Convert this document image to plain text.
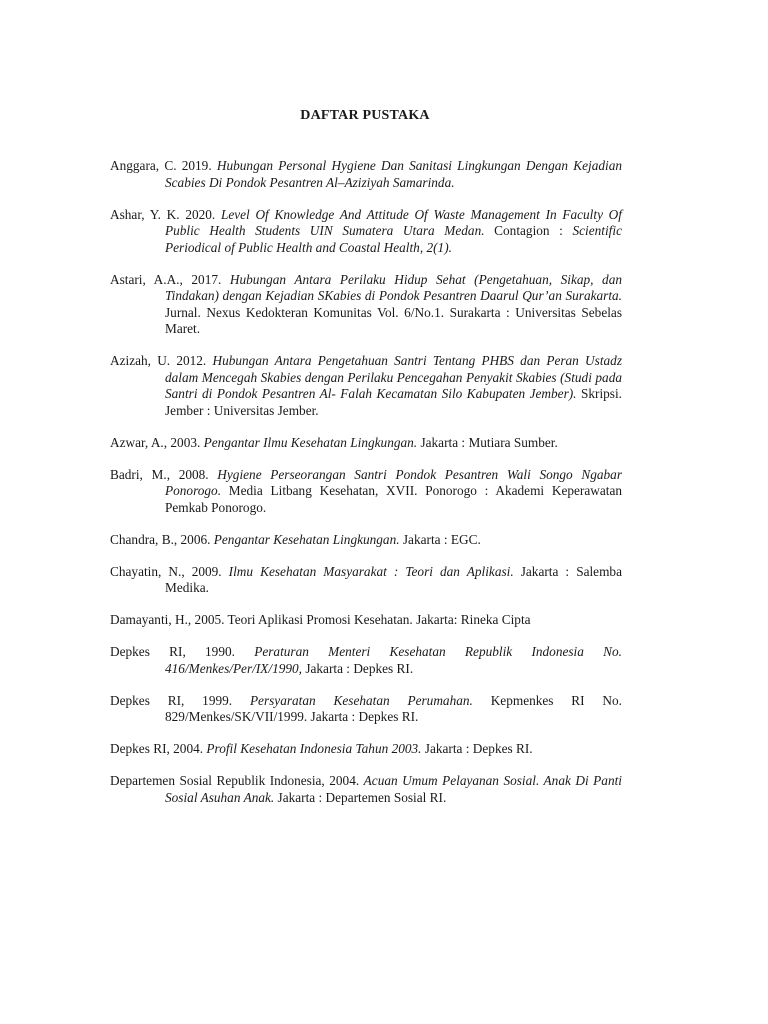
DAFTAR PUSTAKA

Anggara, C. 2019. Hubungan Personal Hygiene Dan Sanitasi Lingkungan Dengan Kejadian Scabies Di Pondok Pesantren Al–Aziziyah Samarinda.

Ashar, Y. K. 2020. Level Of Knowledge And Attitude Of Waste Management In Faculty Of Public Health Students UIN Sumatera Utara Medan. Contagion : Scientific Periodical of Public Health and Coastal Health, 2(1).

Astari, A.A., 2017. Hubungan Antara Perilaku Hidup Sehat (Pengetahuan, Sikap, dan Tindakan) dengan Kejadian SKabies di Pondok Pesantren Daarul Qur’an Surakarta. Jurnal. Nexus Kedokteran Komunitas Vol. 6/No.1. Surakarta : Universitas Sebelas Maret.

Azizah, U. 2012. Hubungan Antara Pengetahuan Santri Tentang PHBS dan Peran Ustadz dalam Mencegah Skabies dengan Perilaku Pencegahan Penyakit Skabies (Studi pada Santri di Pondok Pesantren Al- Falah Kecamatan Silo Kabupaten Jember). Skripsi. Jember : Universitas Jember.

Azwar, A., 2003. Pengantar Ilmu Kesehatan Lingkungan. Jakarta : Mutiara Sumber.

Badri, M., 2008. Hygiene Perseorangan Santri Pondok Pesantren Wali Songo Ngabar Ponorogo. Media Litbang Kesehatan, XVII. Ponorogo : Akademi Keperawatan Pemkab Ponorogo.

Chandra, B., 2006. Pengantar Kesehatan Lingkungan. Jakarta : EGC.

Chayatin, N., 2009. Ilmu Kesehatan Masyarakat : Teori dan Aplikasi. Jakarta : Salemba Medika.

Damayanti, H., 2005. Teori Aplikasi Promosi Kesehatan. Jakarta: Rineka Cipta

Depkes RI, 1990. Peraturan Menteri Kesehatan Republik Indonesia No. 416/Menkes/Per/IX/1990, Jakarta : Depkes RI.

Depkes RI, 1999. Persyaratan Kesehatan Perumahan. Kepmenkes RI No. 829/Menkes/SK/VII/1999. Jakarta : Depkes RI.

Depkes RI, 2004. Profil Kesehatan Indonesia Tahun 2003. Jakarta : Depkes RI.

Departemen Sosial Republik Indonesia, 2004. Acuan Umum Pelayanan Sosial. Anak Di Panti Sosial Asuhan Anak. Jakarta : Departemen Sosial RI.
